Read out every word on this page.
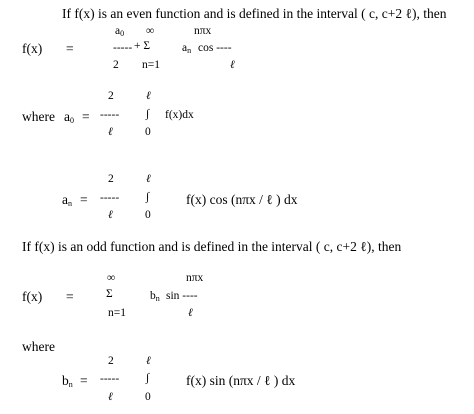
If f(x) is an even function and is defined in the interval ( c, c+2 ℓ), then
$a_0$ ∞	nπx
f(x) =	----- + Σ	$a_n$ cos ----
2 n=1	ℓ
2	ℓ
where $a_0$ = ----- ∫ f(x)dx
ℓ	0
2	ℓ
$a_n$ = ----- ∫	f(x) cos (nπx / ℓ ) dx
ℓ	0
If f(x) is an odd function and is defined in the interval ( c, c+2 ℓ), then
∞	nπx
f(x) =	Σ	$b_n$ sin ----
n=1	ℓ
where
2	ℓ
$b_n$ = ----- ∫	f(x) sin (nπx / ℓ ) dx
ℓ	0
